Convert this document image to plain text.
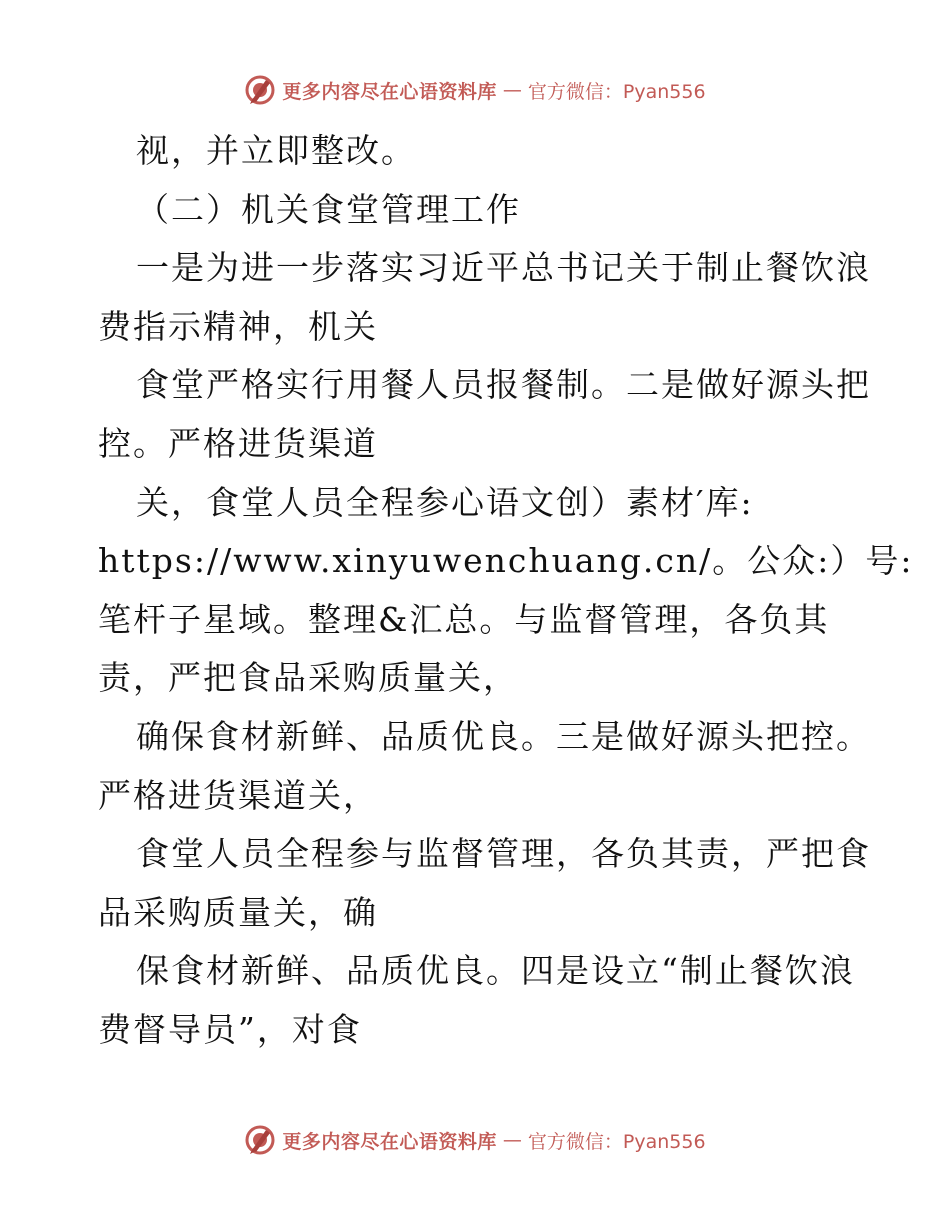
更多内容尽在心语资料库 — 官方微信：Pyan556
视，并立即整改。
（二）机关食堂管理工作
一是为进一步落实习近平总书记关于制止餐饮浪
费指示精神，机关
食堂严格实行用餐人员报餐制。二是做好源头把
控。严格进货渠道
关，食堂人员全程参心语文创）素材′库:
https://www.xinyuwenchuang.cn/。公众:）号:
笔杆子星域。整理&汇总。与监督管理，各负其
责，严把食品采购质量关，
确保食材新鲜、品质优良。三是做好源头把控。
严格进货渠道关，
食堂人员全程参与监督管理，各负其责，严把食
品采购质量关，确
保食材新鲜、品质优良。四是设立“制止餐饮浪
费督导员”，对食
更多内容尽在心语资料库 — 官方微信：Pyan556
